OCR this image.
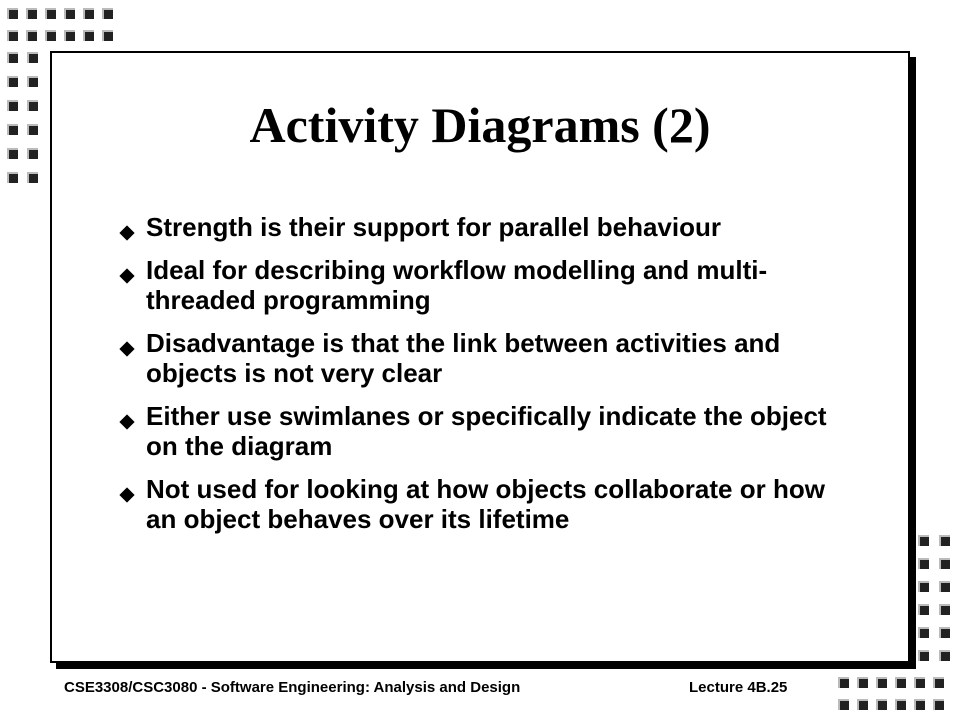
Activity Diagrams (2)
Strength is their support for parallel behaviour
Ideal for describing workflow modelling and multi-threaded programming
Disadvantage is that the link between activities and objects is not very clear
Either use swimlanes or specifically indicate the object on the diagram
Not used for looking at how objects collaborate or how an object behaves over its lifetime
CSE3308/CSC3080 - Software Engineering: Analysis and Design	Lecture 4B.25
